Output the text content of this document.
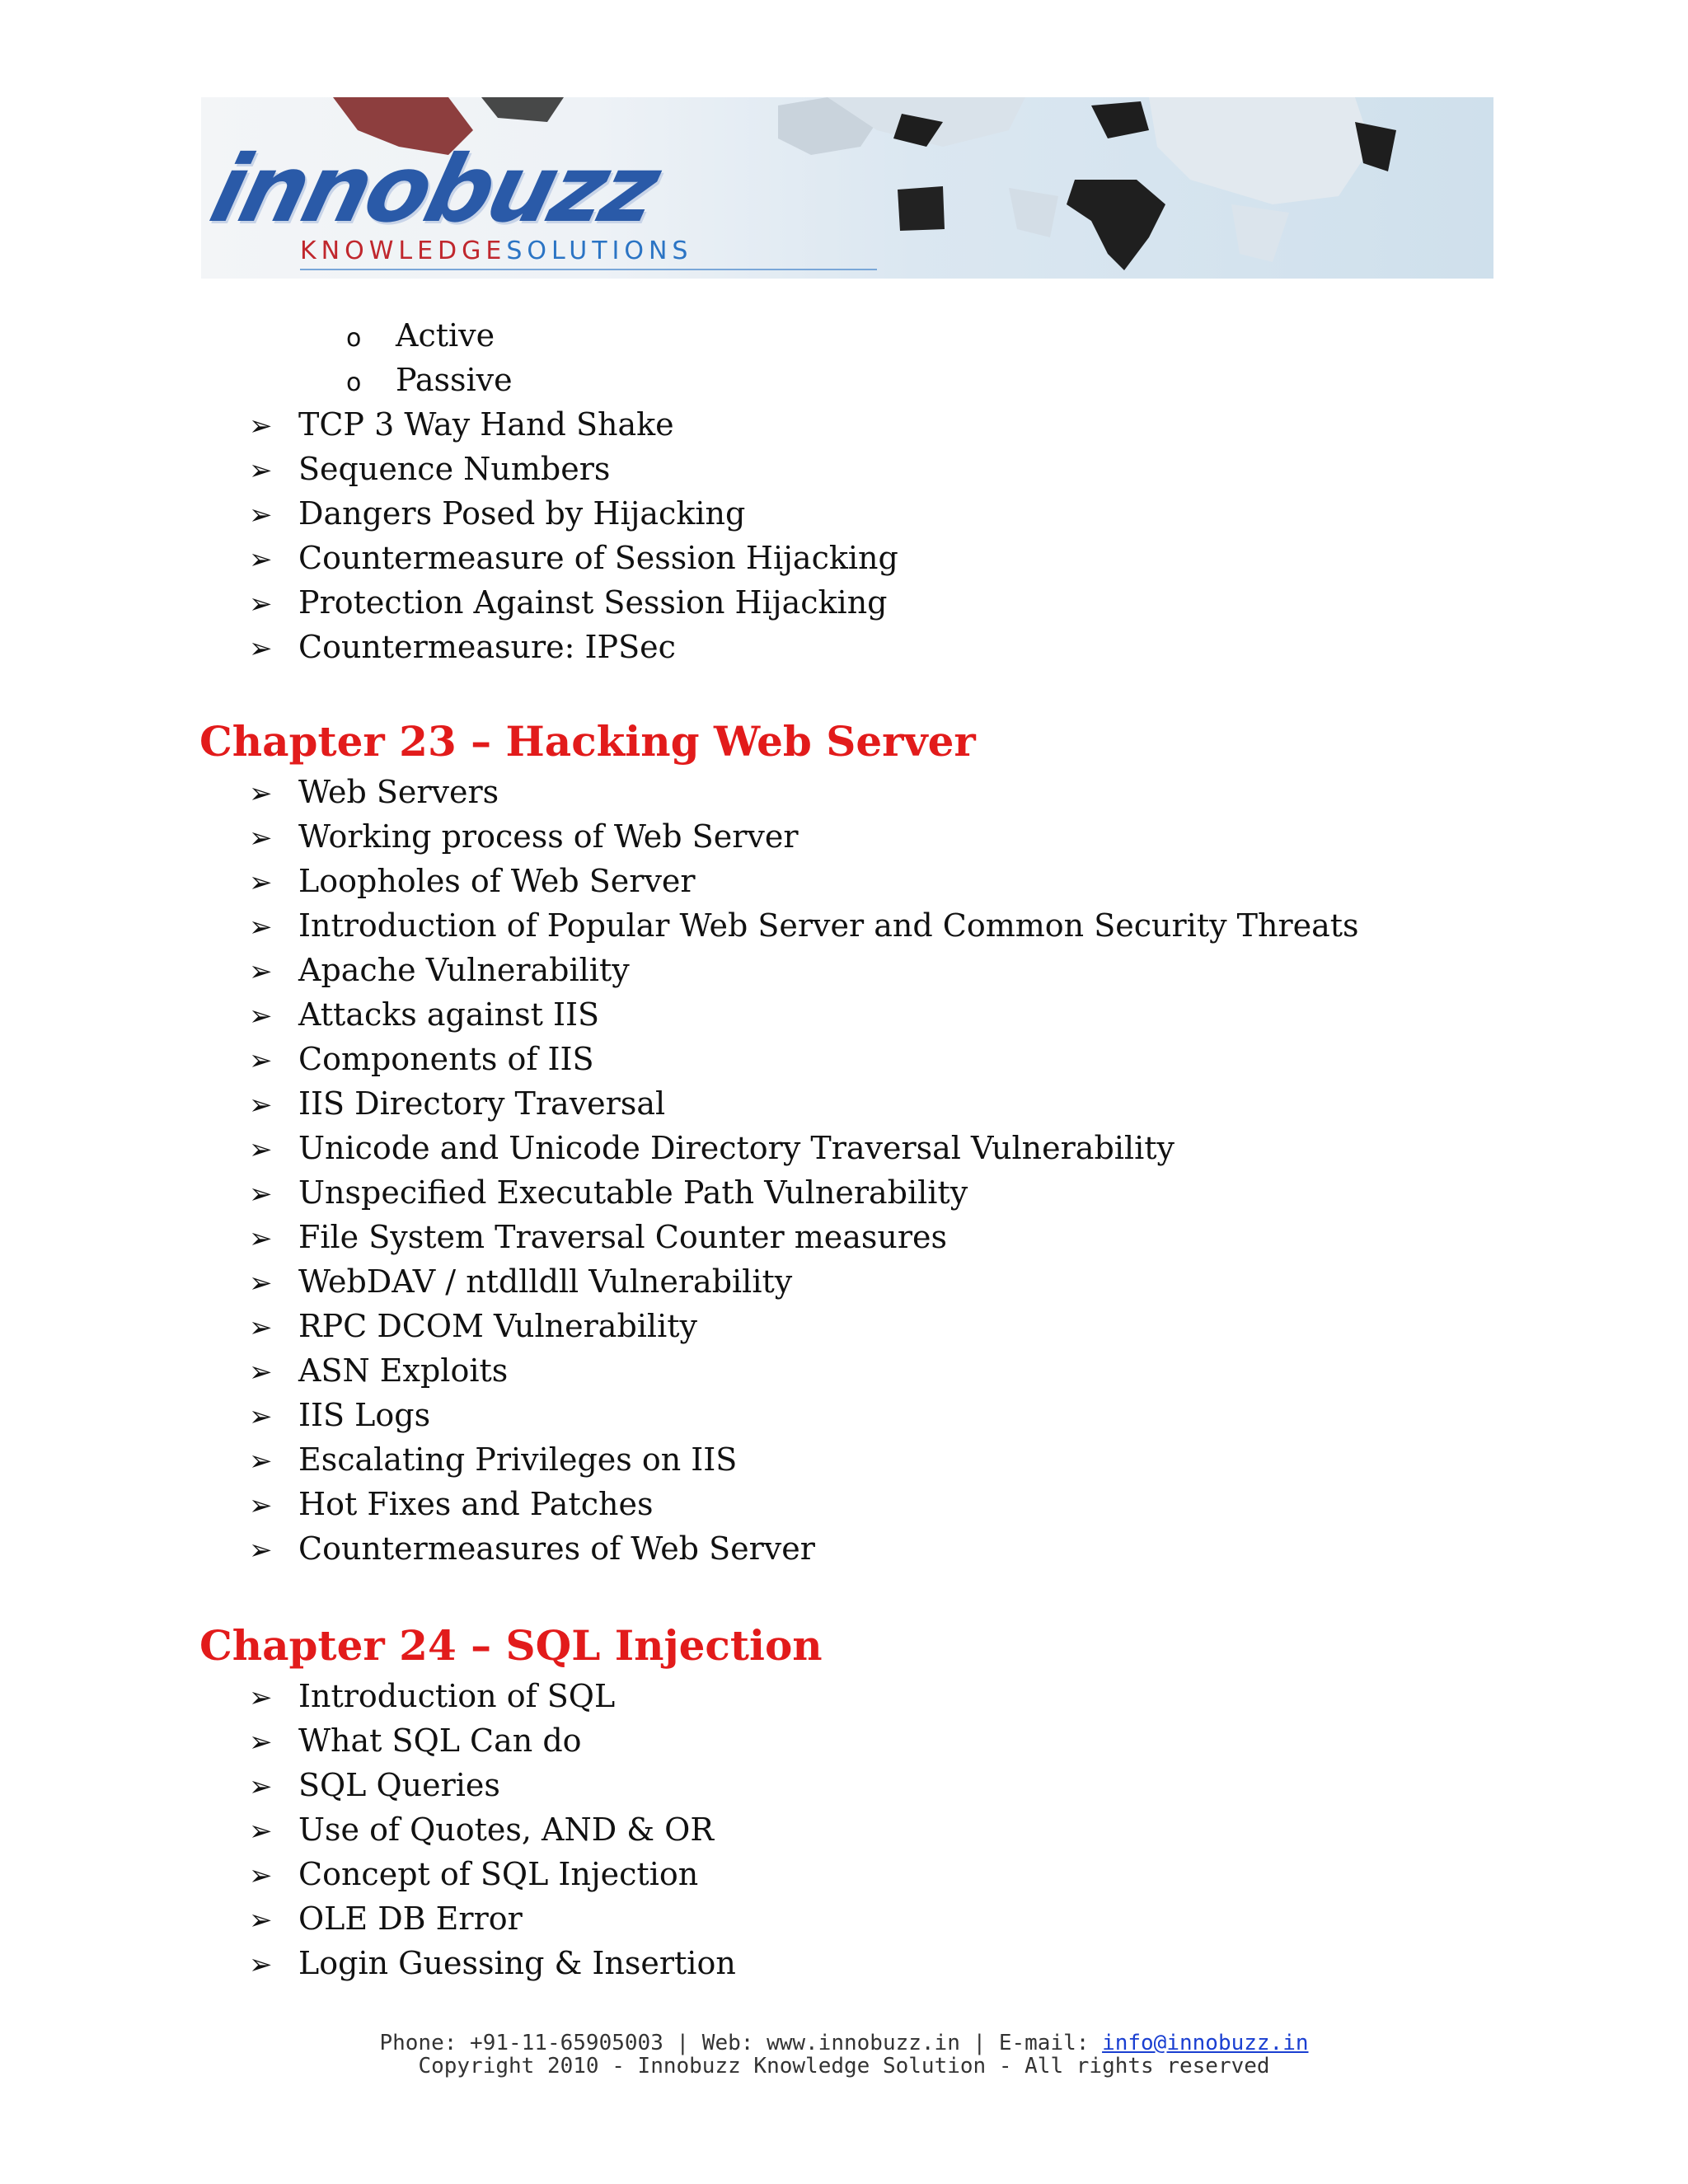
innobuzz
KNOWLEDGESOLUTIONS
o Active
o Passive
➢ TCP 3 Way Hand Shake
➢ Sequence Numbers
➢ Dangers Posed by Hijacking
➢ Countermeasure of Session Hijacking
➢ Protection Against Session Hijacking
➢ Countermeasure: IPSec
Chapter 23 – Hacking Web Server
➢ Web Servers
➢ Working process of Web Server
➢ Loopholes of Web Server
➢ Introduction of Popular Web Server and Common Security Threats
➢ Apache Vulnerability
➢ Attacks against IIS
➢ Components of IIS
➢ IIS Directory Traversal
➢ Unicode and Unicode Directory Traversal Vulnerability
➢ Unspecified Executable Path Vulnerability
➢ File System Traversal Counter measures
➢ WebDAV / ntdlldll Vulnerability
➢ RPC DCOM Vulnerability
➢ ASN Exploits
➢ IIS Logs
➢ Escalating Privileges on IIS
➢ Hot Fixes and Patches
➢ Countermeasures of Web Server
Chapter 24 – SQL Injection
➢ Introduction of SQL
➢ What SQL Can do
➢ SQL Queries
➢ Use of Quotes, AND & OR
➢ Concept of SQL Injection
➢ OLE DB Error
➢ Login Guessing & Insertion
Phone: +91-11-65905003 | Web: www.innobuzz.in | E-mail: info@innobuzz.in
Copyright 2010 - Innobuzz Knowledge Solution - All rights reserved
